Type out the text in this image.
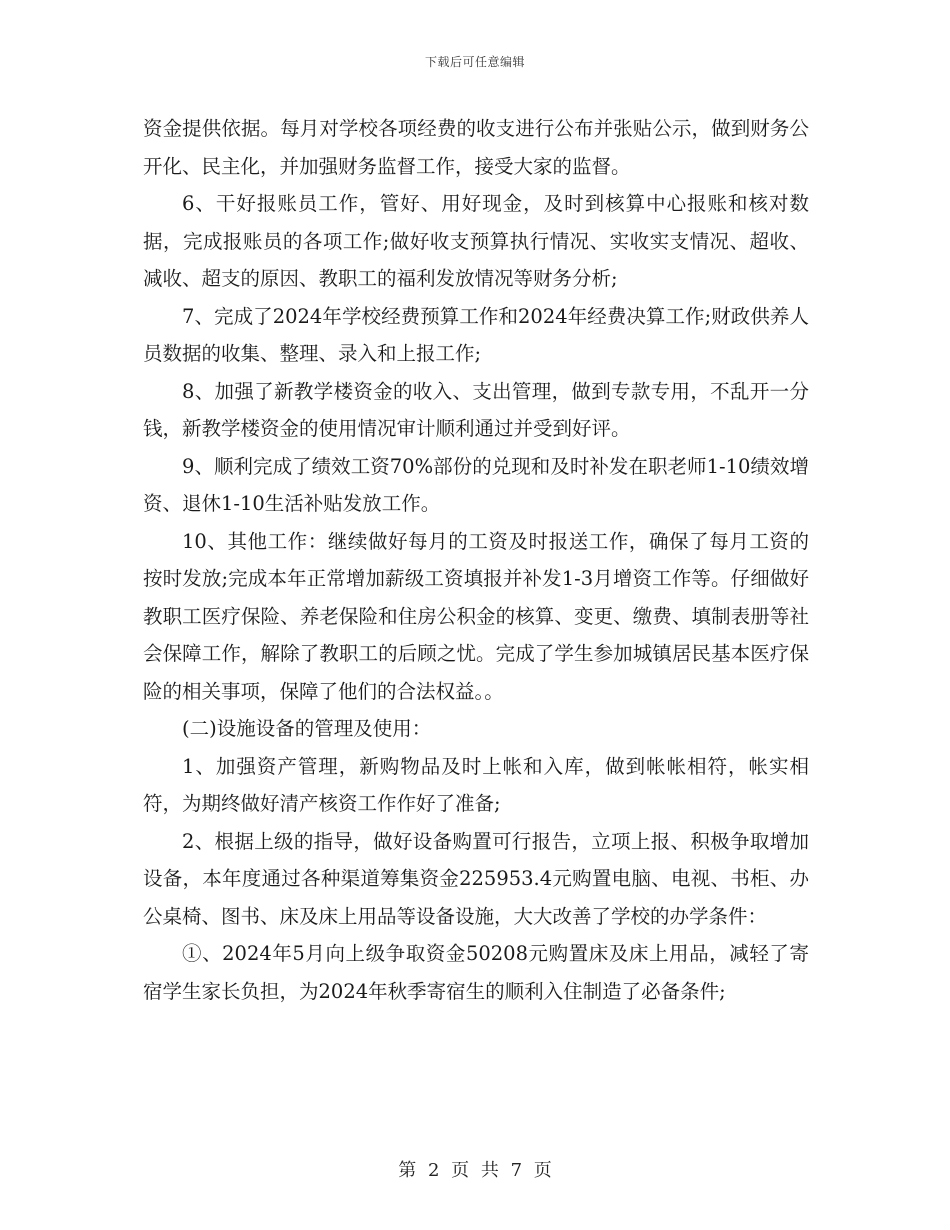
下载后可任意编辑

资金提供依据。每月对学校各项经费的收支进行公布并张贴公示，做到财务公开化、民主化，并加强财务监督工作，接受大家的监督。

6、干好报账员工作，管好、用好现金，及时到核算中心报账和核对数据，完成报账员的各项工作;做好收支预算执行情况、实收实支情况、超收、减收、超支的原因、教职工的福利发放情况等财务分析;

7、完成了2024年学校经费预算工作和2024年经费决算工作;财政供养人员数据的收集、整理、录入和上报工作;

8、加强了新教学楼资金的收入、支出管理，做到专款专用，不乱开一分钱，新教学楼资金的使用情况审计顺利通过并受到好评。

9、顺利完成了绩效工资70%部份的兑现和及时补发在职老师1-10绩效增资、退休1-10生活补贴发放工作。

10、其他工作：继续做好每月的工资及时报送工作，确保了每月工资的按时发放;完成本年正常增加薪级工资填报并补发1-3月增资工作等。仔细做好教职工医疗保险、养老保险和住房公积金的核算、变更、缴费、填制表册等社会保障工作，解除了教职工的后顾之忧。完成了学生参加城镇居民基本医疗保险的相关事项，保障了他们的合法权益。。

(二)设施设备的管理及使用：

1、加强资产管理，新购物品及时上帐和入库，做到帐帐相符，帐实相符，为期终做好清产核资工作作好了准备;

2、根据上级的指导，做好设备购置可行报告，立项上报、积极争取增加设备，本年度通过各种渠道筹集资金225953.4元购置电脑、电视、书柜、办公桌椅、图书、床及床上用品等设备设施，大大改善了学校的办学条件：

①、2024年5月向上级争取资金50208元购置床及床上用品，减轻了寄宿学生家长负担，为2024年秋季寄宿生的顺利入住制造了必备条件;

第 2 页 共 7 页
